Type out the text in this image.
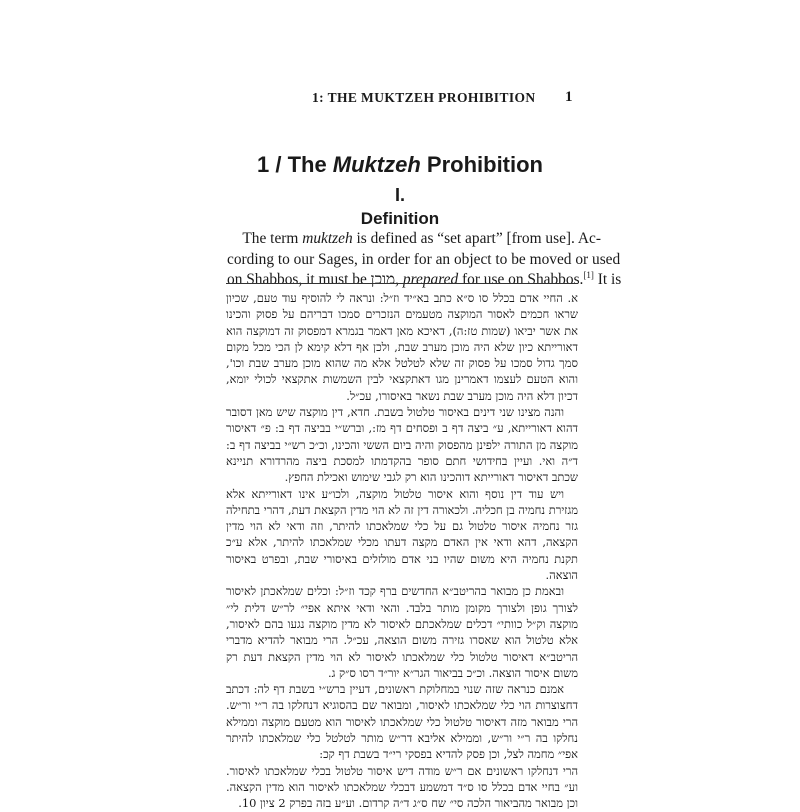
1: THE MUKTZEH PROHIBITION 1
1 / The Muktzeh Prohibition
I.
Definition
 The term muktzeh is defined as “set apart” [from use]. Ac-
cording to our Sages, in order for an object to be moved or used
on Shabbos, it must be מוכן, prepared for use on Shabbos.[1] It is

א. החיי אדם בכלל סו ס״א כתב בא״יד וז״ל: ונראה לי להוסיף עוד טעם, שכיון שראו חכמים לאסור המוקצה מטעמים הנזכרים סמכו דבריהם על פסוק והכינו את אשר יביאו (שמות טז:ה), דאיכא מאן דאמר בגמרא דמפסוק זה דמוקצה הוא דאורייתא כיון שלא היה מוכן מערב שבת, ולכן אף דלא קימא לן הכי מכל מקום סמך גדול סמכו על פסוק זה שלא לטלטל אלא מה שהוא מוכן מערב שבת וכו', והוא הטעם לעצמו דאמרינן מגו דאתקצאי לבין השמשות אתקצאי לכולי יומא, דכיון דלא היה מוכן מערב שבת נשאר באיסורו, עכ״ל.

והנה מצינו שני דינים באיסור טלטול בשבת. חדא, דין מוקצה שיש מאן דסובר דהוא דאורייתא, ע״ ביצה דף ב ופסחים דף מז:, וברש״י בביצה דף ב: פ״ דאיסור מוקצה מן התורה ילפינן מהפסוק והיה ביום הששי והכינו, וכ״כ רש״י בביצה דף ב: ד״ה ואי. ועיין בחידושי חתם סופר בהקדמתו למסכת ביצה מהרדורא תניינא שכתב דאיסור דאורייתא דוהכינו הוא רק לגבי שימוש ואכילת החפץ.

ויש עוד דין נוסף והוא איסור טלטול מוקצה, ולכו״ע אינו דאורייתא אלא מגזירת נחמיה בן חכליה. ולכאורה דין זה לא הוי מדין הקצאת דעת, דהרי בתחילה גזר נחמיה איסור טלטול גם על כלי שמלאכתו להיתר, וזה ודאי לא הוי מדין הקצאה, דהא ודאי אין האדם מקצה דעתו מכלי שמלאכתו להיתר, אלא ע״כ תקנת נחמיה היא משום שהיו בני אדם מולזלים באיסורי שבת, ובפרט באיסור הוצאה.

ובאמת כן מבואר בהריטב״א החדשים ברף קכד וז״ל: וכלים שמלאכתן לאיסור לצורך גופן ולצורך מקומן מותר בלבד. והאי ודאי איתא אפי״ לר״ש דלית לי״ מוקצה וק״ל כוותי״ דכלים שמלאכתם לאיסור לא מדין מוקצה נגעו בהם לאיסור, אלא טלטול הוא שאסרו גזירה משום הוצאה, עכ״ל. הרי מבואר להדיא מדברי הריטב״א דאיסור טלטול כלי שמלאכתו לאיסור לא הוי מדין הקצאת דעת רק משום איסור הוצאה. וכ״כ בביאור הגר״א יור״ד רסו ס״ק ג.

אמנם כנראה שזה שנוי במחלוקת ראשונים, דעיין ברש״י בשבת דף לה: דכתב דחצוצרות הוי כלי שמלאכתו לאיסור, ומבואר שם בהסוגיא דנחלקו בה ר״י ור״ש. הרי מבואר מזה דאיסור טלטול כלי שמלאכתו לאיסור הוא מטעם מוקצה וממילא נחלקו בה ר״י ור״ש, וממילא אליבא דר״ש מותר לטלטל כלי שמלאכתו להיתר אפי״ מחמה לצל, וכן פסק להדיא בפסקי רי״ד בשבת דף קכ:

הרי דנחלקו ראשונים אם ר״ש מודה דיש איסור טלטול בכלי שמלאכתו לאיסור. וע״ בחיי אדם בכלל סו ס״ד דמשמע דבכלי שמלאכתו לאיסור הוא מדין הקצאה. וכן מבואר מהביאור הלכה סי״ שח ס״ג ד״ה קרדום. וע״ע בזה בפרק 2 ציון 10.
